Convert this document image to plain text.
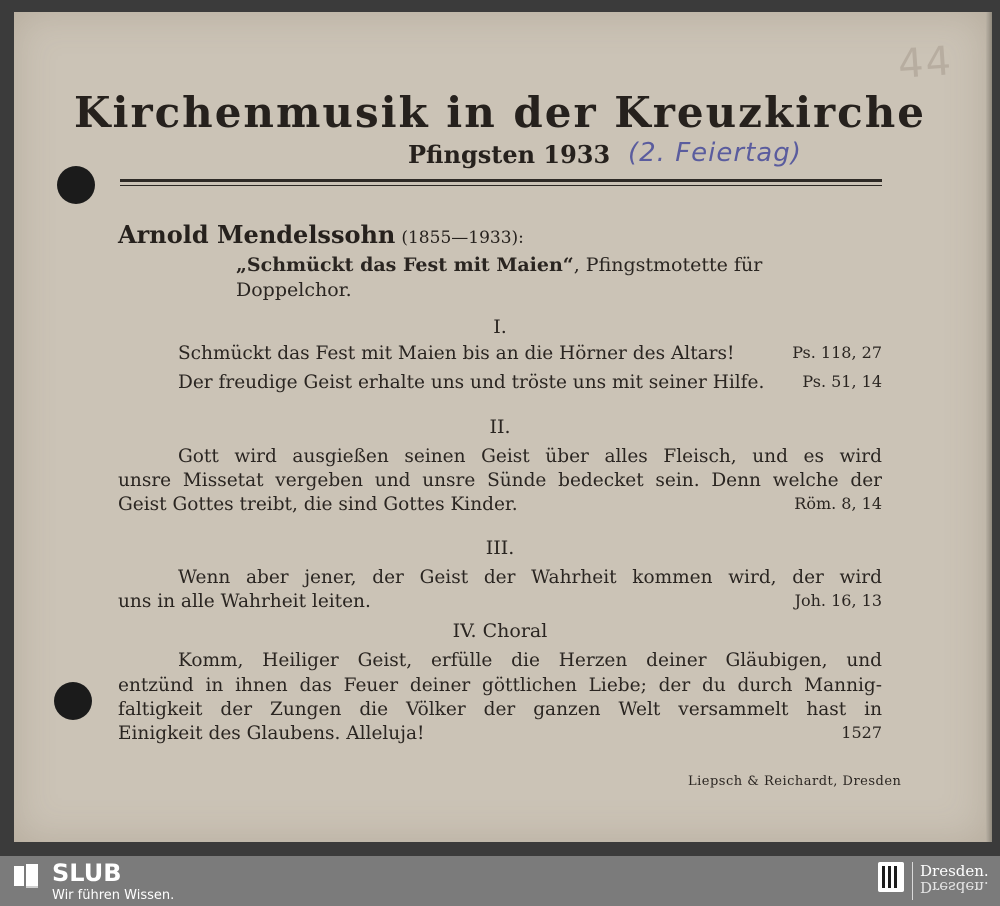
44
Kirchenmusik in der Kreuzkirche
Pfingsten 1933 (2. Feiertag)
Arnold Mendelssohn (1855—1933):
„Schmückt das Fest mit Maien“, Pfingstmotette für
Doppelchor.
I.
Schmückt das Fest mit Maien bis an die Hörner des Altars!	Ps. 118, 27
Der freudige Geist erhalte uns und tröste uns mit seiner Hilfe. Ps. 51, 14
II.
Gott wird ausgießen seinen Geist über alles Fleisch, und es wird
unsre Missetat vergeben und unsre Sünde bedecket sein. Denn welche der
Geist Gottes treibt, die sind Gottes Kinder.	Röm. 8, 14
III.
Wenn aber jener, der Geist der Wahrheit kommen wird, der wird
uns in alle Wahrheit leiten.	Joh. 16, 13
IV. Choral
Komm, Heiliger Geist, erfülle die Herzen deiner Gläubigen, und
entzünd in ihnen das Feuer deiner göttlichen Liebe; der du durch Mannig-
faltigkeit der Zungen die Völker der ganzen Welt versammelt hast in
Einigkeit des Glaubens. Alleluja!	1527
Liepsch & Reichardt, Dresden
SLUB
Wir führen Wissen.
Dresden.
Dresden.
